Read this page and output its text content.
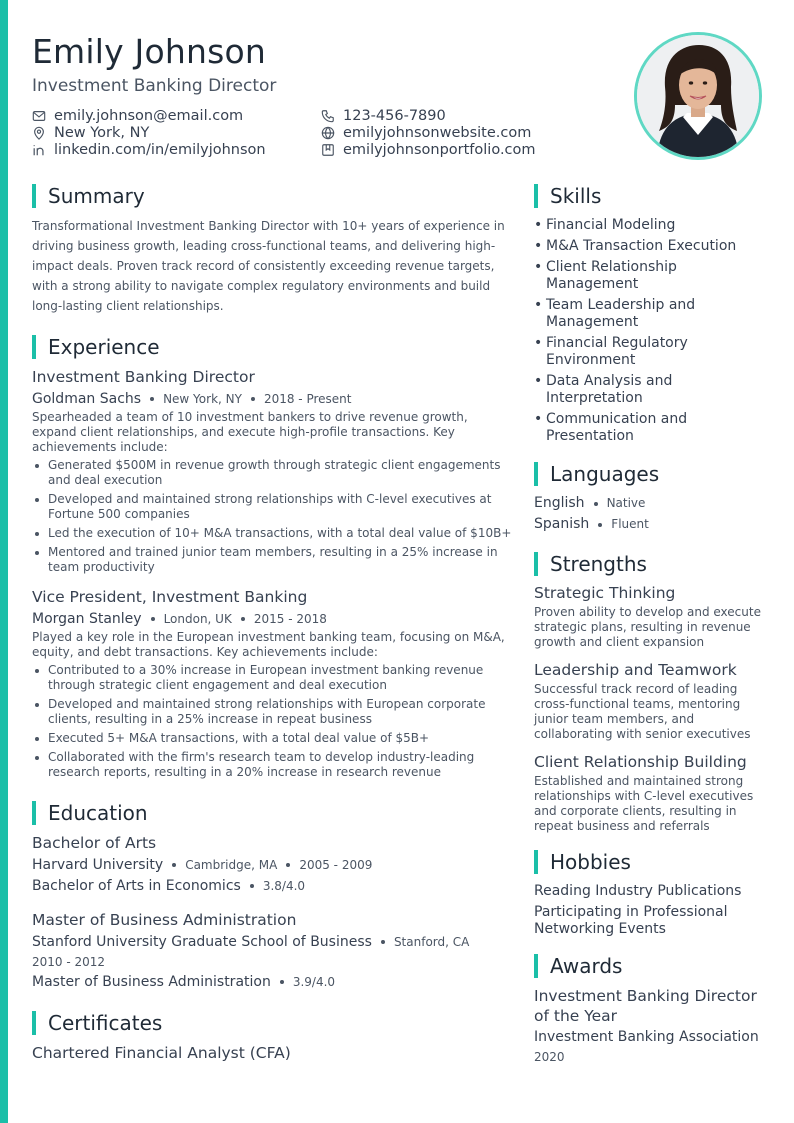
Emily Johnson
Investment Banking Director
emily.johnson@email.com	123-456-7890
New York, NY	emilyjohnsonwebsite.com
linkedin.com/in/emilyjohnson	emilyjohnsonportfolio.com
Summary

Transformational Investment Banking Director with 10+ years of experience in driving business growth, leading cross-functional teams, and delivering high-impact deals. Proven track record of consistently exceeding revenue targets, with a strong ability to navigate complex regulatory environments and build long-lasting client relationships.

Experience
Investment Banking Director
Goldman Sachs New York, NY 2018 - Present

Spearheaded a team of 10 investment bankers to drive revenue growth, expand client relationships, and execute high-profile transactions. Key achievements include:

Generated $500M in revenue growth through strategic client engagements and deal execution
Developed and maintained strong relationships with C-level executives at Fortune 500 companies
Led the execution of 10+ M&A transactions, with a total deal value of $10B+
Mentored and trained junior team members, resulting in a 25% increase in team productivity
Vice President, Investment Banking
Morgan Stanley London, UK 2015 - 2018

Played a key role in the European investment banking team, focusing on M&A, equity, and debt transactions. Key achievements include:

Contributed to a 30% increase in European investment banking revenue through strategic client engagement and deal execution
Developed and maintained strong relationships with European corporate clients, resulting in a 25% increase in repeat business
Executed 5+ M&A transactions, with a total deal value of $5B+
Collaborated with the firm's research team to develop industry-leading research reports, resulting in a 20% increase in research revenue
Education
Bachelor of Arts
Harvard University Cambridge, MA 2005 - 2009
Bachelor of Arts in Economics 3.8/4.0
Master of Business Administration
Stanford University Graduate School of Business Stanford, CA
2010 - 2012
Master of Business Administration 3.9/4.0
Certificates
Chartered Financial Analyst (CFA)
Skills
• Financial Modeling
• M&A Transaction Execution
• Client Relationship Management
• Team Leadership and Management
• Financial Regulatory Environment
• Data Analysis and Interpretation
• Communication and Presentation
Languages
English Native
Spanish Fluent
Strengths
Strategic Thinking

Proven ability to develop and execute strategic plans, resulting in revenue growth and client expansion

Leadership and Teamwork

Successful track record of leading cross-functional teams, mentoring junior team members, and collaborating with senior executives

Client Relationship Building

Established and maintained strong relationships with C-level executives and corporate clients, resulting in repeat business and referrals

Hobbies
Reading Industry Publications
Participating in Professional Networking Events
Awards
Investment Banking Director of the Year
Investment Banking Association
2020
